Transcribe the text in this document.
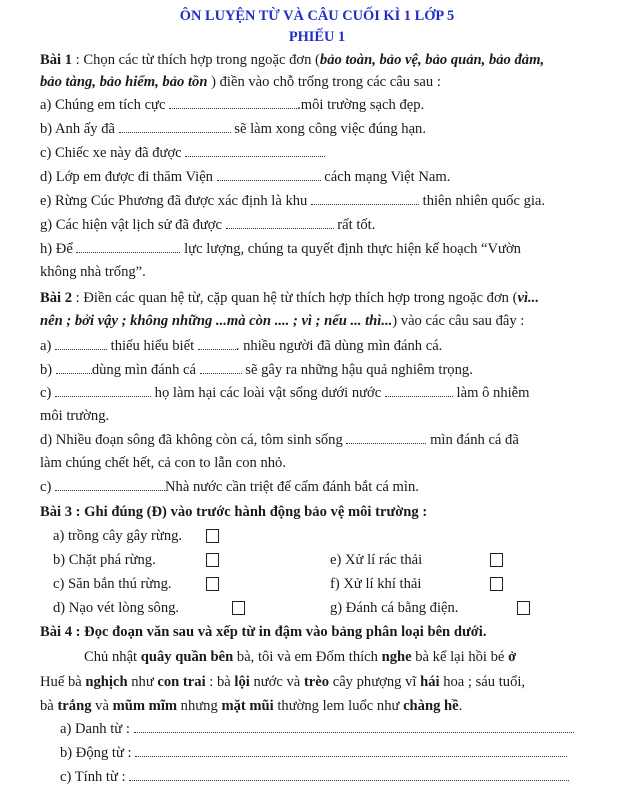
ÔN LUYỆN TỪ VÀ CÂU CUỐI KÌ 1 LỚP 5
PHIẾU 1
Bài 1 : Chọn các từ thích hợp trong ngoặc đơn (bảo toàn, bảo vệ, bảo quản, bảo đảm,
bảo tàng, bảo hiểm, bảo tồn ) điền vào chỗ trống trong các câu sau :
a) Chúng em tích cực	.môi trường sạch đẹp.
b) Anh ấy đã	sẽ làm xong công việc đúng hạn.
c) Chiếc xe này đã được
d) Lớp em được đi thăm Viện	cách mạng Việt Nam.
e) Rừng Cúc Phương đã được xác định là khu	thiên nhiên quốc gia.
g) Các hiện vật lịch sử đã được	rất tốt.
h) Để	lực lượng, chúng ta quyết định thực hiện kế hoạch “Vườn
không nhà trống”.
Bài 2 : Điền các quan hệ từ, cặp quan hệ từ thích hợp thích hợp trong ngoặc đơn (vì...
nên ; bởi vậy ; không những ...mà còn .... ; vì ; nếu ... thì...) vào các câu sau đây :
a)	thiếu hiểu biết	. nhiều người đã dùng mìn đánh cá.
b) dùng mìn đánh cá	sẽ gây ra những hậu quả nghiêm trọng.
c)	họ làm hại các loài vật sống dưới nước	làm ô nhiễm
môi trường.
d) Nhiều đoạn sông đã không còn cá, tôm sinh sống	mìn đánh cá đã
làm chúng chết hết, cả con to lẫn con nhỏ.
c)	Nhà nước cần triệt để cấm đánh bắt cá mìn.
Bài 3 : Ghi đúng (Đ) vào trước hành động bảo vệ môi trường :
a) trồng cây gây rừng.
b) Chặt phá rừng.	e) Xử lí rác thải
c) Săn bắn thú rừng.	f) Xử lí khí thải
d) Nạo vét lòng sông.	g) Đánh cá bằng điện.
Bài 4 : Đọc đoạn văn sau và xếp từ in đậm vào bảng phân loại bên dưới.
Chủ nhật quây quần bên bà, tôi và em Đốm thích nghe bà kể lại hồi bé ở
Huế bà nghịch như con trai : bà lội nước và trèo cây phượng vĩ hái hoa ; sáu tuổi,
bà trắng và mũm mĩm nhưng mặt mũi thường lem luốc như chàng hề.
a) Danh từ :
b) Động từ :
c) Tính từ :
